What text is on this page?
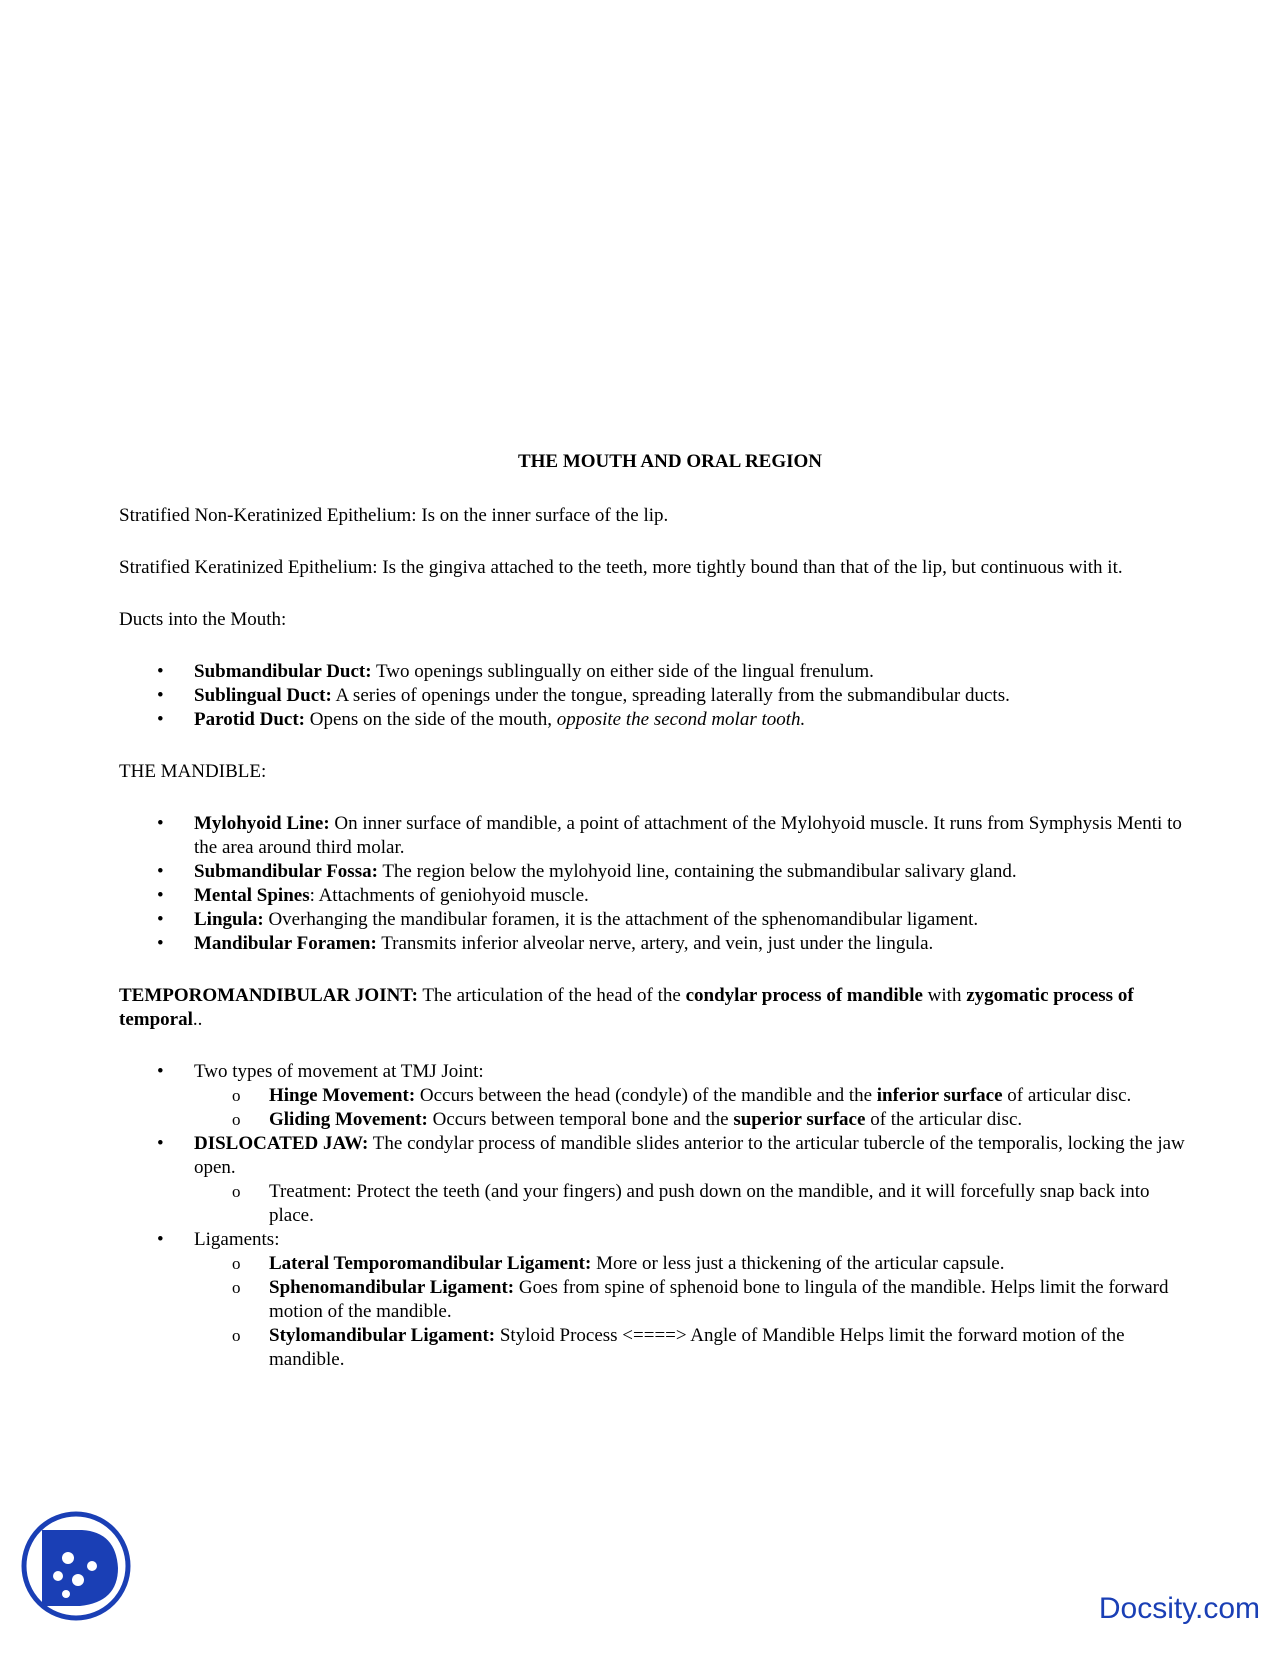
THE MOUTH AND ORAL REGION

Stratified Non-Keratinized Epithelium: Is on the inner surface of the lip.

Stratified Keratinized Epithelium: Is the gingiva attached to the teeth, more tightly bound than that of the lip, but continuous with it.

Ducts into the Mouth:

• Submandibular Duct: Two openings sublingually on either side of the lingual frenulum.
• Sublingual Duct: A series of openings under the tongue, spreading laterally from the submandibular ducts.
• Parotid Duct: Opens on the side of the mouth, opposite the second molar tooth.

THE MANDIBLE:

• Mylohyoid Line: On inner surface of mandible, a point of attachment of the Mylohyoid muscle. It runs from Symphysis Menti to the area around third molar.
• Submandibular Fossa: The region below the mylohyoid line, containing the submandibular salivary gland.
• Mental Spines: Attachments of geniohyoid muscle.
• Lingula: Overhanging the mandibular foramen, it is the attachment of the sphenomandibular ligament.
• Mandibular Foramen: Transmits inferior alveolar nerve, artery, and vein, just under the lingula.

TEMPOROMANDIBULAR JOINT: The articulation of the head of the condylar process of mandible with zygomatic process of temporal..

• Two types of movement at TMJ Joint:
o Hinge Movement: Occurs between the head (condyle) of the mandible and the inferior surface of articular disc.
o Gliding Movement: Occurs between temporal bone and the superior surface of the articular disc.
• DISLOCATED JAW: The condylar process of mandible slides anterior to the articular tubercle of the temporalis, locking the jaw open.
o Treatment: Protect the teeth (and your fingers) and push down on the mandible, and it will forcefully snap back into place.
• Ligaments:
o Lateral Temporomandibular Ligament: More or less just a thickening of the articular capsule.
o Sphenomandibular Ligament: Goes from spine of sphenoid bone to lingula of the mandible. Helps limit the forward motion of the mandible.
o Stylomandibular Ligament: Styloid Process <====> Angle of Mandible Helps limit the forward motion of the mandible.
Docsity.com
